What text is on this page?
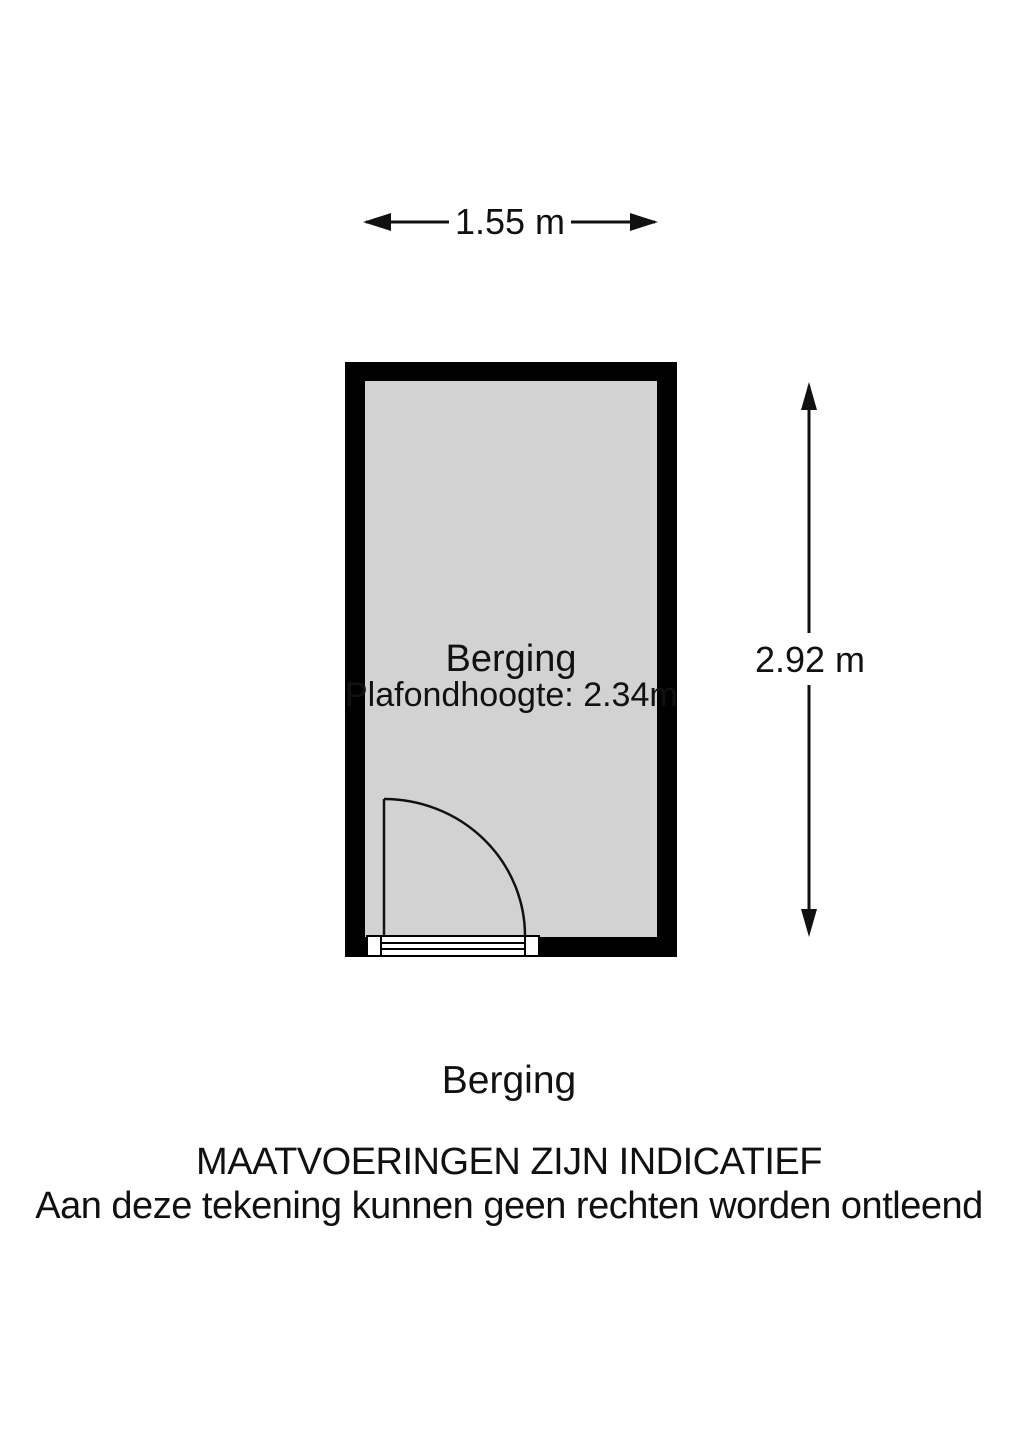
1.55 m
2.92 m
Berging
Plafondhoogte: 2.34m
Berging
MAATVOERINGEN ZIJN INDICATIEF
Aan deze tekening kunnen geen rechten worden ontleend
